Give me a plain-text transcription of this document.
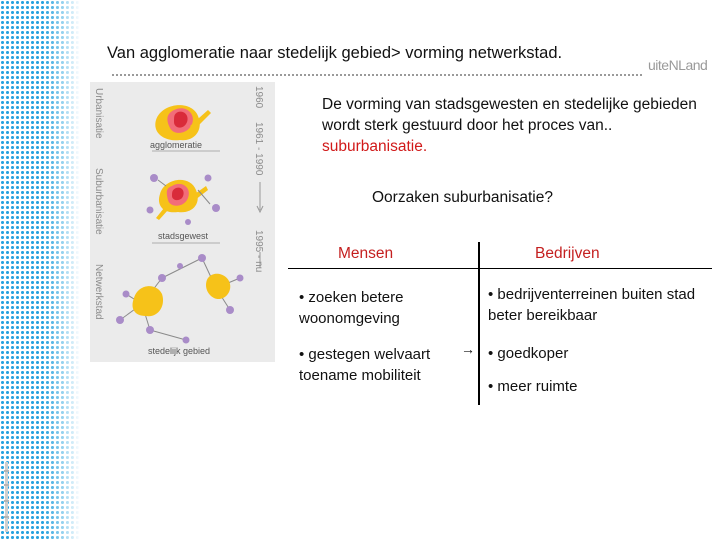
Van agglomeratie naar stedelijk gebied> vorming netwerkstad.
uiteNLand
Urbanisatie	1960
agglomeratie
Suburbanisatie
1961 - 1990
stadsgewest
Netwerkstad
1995 - nu
stedelijk gebied
De vorming van stadsgewesten en stedelijke gebieden wordt sterk gestuurd door het proces van.. suburbanisatie.
Oorzaken suburbanisatie?
Mensen	Bedrijven
• zoeken betere woonomgeving
• gestegen welvaart toename mobiliteit
→
• bedrijventerreinen buiten stad beter bereikbaar
• goedkoper
• meer ruimte
